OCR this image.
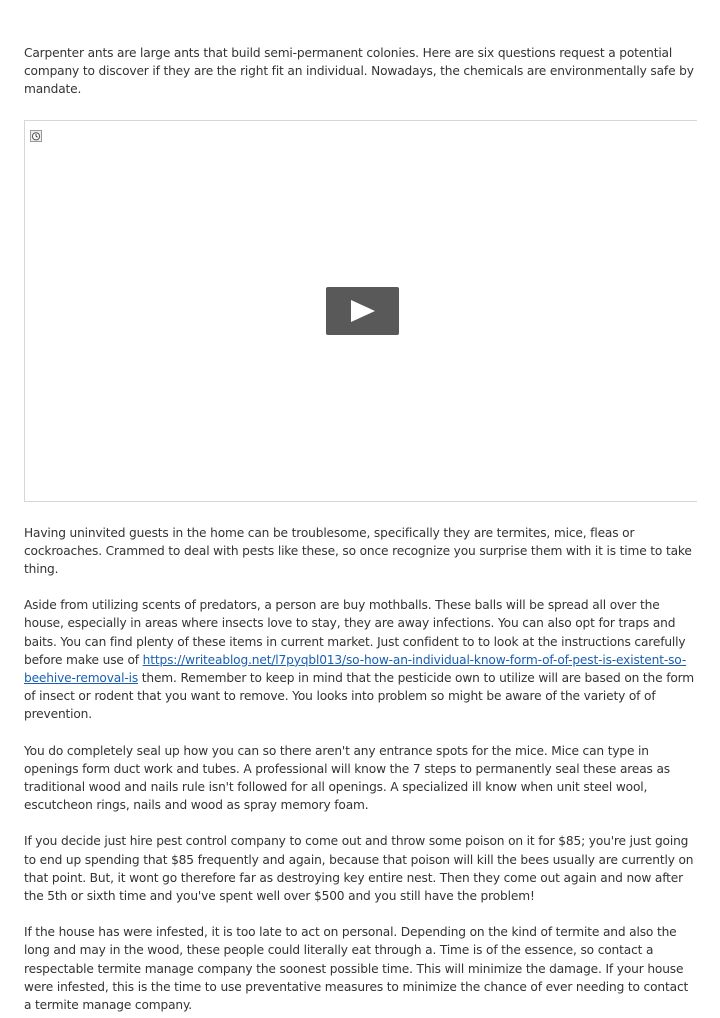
Carpenter ants are large ants that build semi-permanent colonies. Here are six questions request a potential company to discover if they are the right fit an individual. Nowadays, the chemicals are environmentally safe by mandate.

Having uninvited guests in the home can be troublesome, specifically they are termites, mice, fleas or cockroaches. Crammed to deal with pests like these, so once recognize you surprise them with it is time to take thing.

Aside from utilizing scents of predators, a person are buy mothballs. These balls will be spread all over the house, especially in areas where insects love to stay, they are away infections. You can also opt for traps and baits. You can find plenty of these items in current market. Just confident to to look at the instructions carefully before make use of https://writeablog.net/l7pyqbl013/so-how-an-individual-know-form-of-of-pest-is-existent-so-beehive-removal-is them. Remember to keep in mind that the pesticide own to utilize will are based on the form of insect or rodent that you want to remove. You looks into problem so might be aware of the variety of of prevention.

You do completely seal up how you can so there aren't any entrance spots for the mice. Mice can type in openings form duct work and tubes. A professional will know the 7 steps to permanently seal these areas as traditional wood and nails rule isn't followed for all openings. A specialized ill know when unit steel wool, escutcheon rings, nails and wood as spray memory foam.

If you decide just hire pest control company to come out and throw some poison on it for $85; you're just going to end up spending that $85 frequently and again, because that poison will kill the bees usually are currently on that point. But, it wont go therefore far as destroying key entire nest. Then they come out again and now after the 5th or sixth time and you've spent well over $500 and you still have the problem!

If the house has were infested, it is too late to act on personal. Depending on the kind of termite and also the long and may in the wood, these people could literally eat through a. Time is of the essence, so contact a respectable termite manage company the soonest possible time. This will minimize the damage. If your house were infested, this is the time to use preventative measures to minimize the chance of ever needing to contact a termite manage company.
